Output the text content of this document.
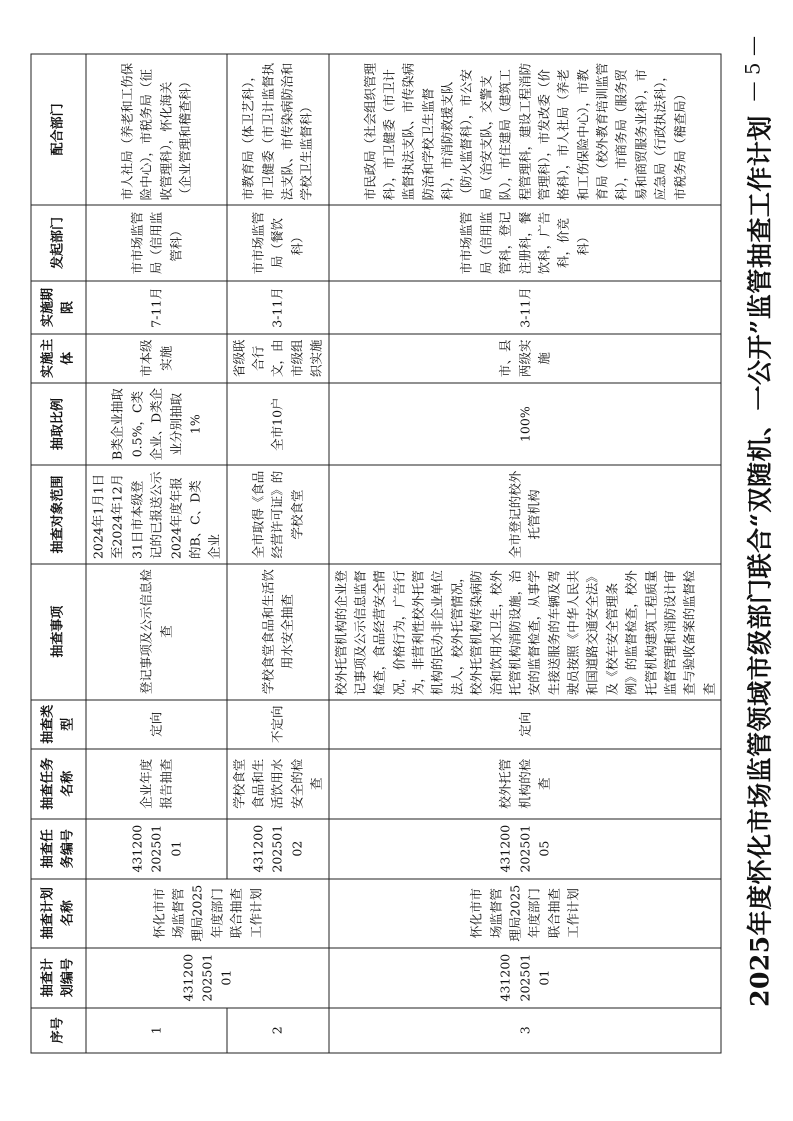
序号	抽查计划编号	抽查计划名称	抽查任务编号	抽查任务名称	抽查类型	抽查事项	抽查对象范围	抽取比例	实施主体	实施期限	发起部门	配合部门
1	43120020250101	怀化市市场监督管理局2025年度部门联合抽查工作计划	4312002025010​1	企业年度报告抽查	定向	登记事项及公示信息检查	2024年1月1日至2024年12月31日市本级登记的已报送公示2024年度年报的B、C、D类企业	B类企业抽取0.5%，C类企业、D类企业分别抽取1%	市本级实施	7-11月	市市场监管局（信用监管科）	市人社局（养老和工伤保险中心），市税务局（征收管理科），怀化海关（企业管理和稽查科）
2			4312002025010​2	学校食堂食品和生活饮用水安全的检查	不定向	学校食堂食品和生活饮用水安全抽查	全市取得《食品经营许可证》的学校食堂	全市10户	省级联合行文，由市级组织实施	3-11月	市市场监管局（餐饮科）	市教育局（体卫艺科），市卫健委（市卫计监督执法支队、市传染病防治和学校卫生监督科）
3	43120020250101	怀化市市场监督管理局2025年度部门联合抽查工作计划	4312002025010​5	校外托管机构的检查	定向	校外托管机构的企业登记事项及公示信息监督检查，食品经营安全情况，价格行为，广告行为，非营利性校外托管机构的民办非企业单位法人，校外托管情况，校外托管机构传染病防治和饮用水卫生，校外托管机构消防设施，治安的监督检查，从事学生接送服务的车辆及驾驶员按照《中华人民共和国道路交通安全法》及《校车安全管理条例》的监督检查，校外托管机构建筑工程质量监督管理和消防设计审查与验收备案的监督检查	全市登记的校外托管机构	100%	市、县两级实施	3-11月	市市场监管局（信用监管科，登记注册科，餐饮科，广告科，价竞科）	市民政局（社会组织管理科），市卫健委（市卫计监督执法支队、市传染病防治和学校卫生监督科），市消防救援支队（防火监督科），市公安局（治安支队，交警支队），市住建局（建筑工程管理科，建设工程消防管理科），市发改委（价格科），市人社局（养老和工伤保险中心），市教育局（校外教育培训监管科），市商务局（服务贸易和商贸服务业科），市应急局（行政执法科），市税务局（稽查局） 2025年度怀化市场监管领域市级部门联合“双随机、一公开”监管抽查工作计划
— 5 —
